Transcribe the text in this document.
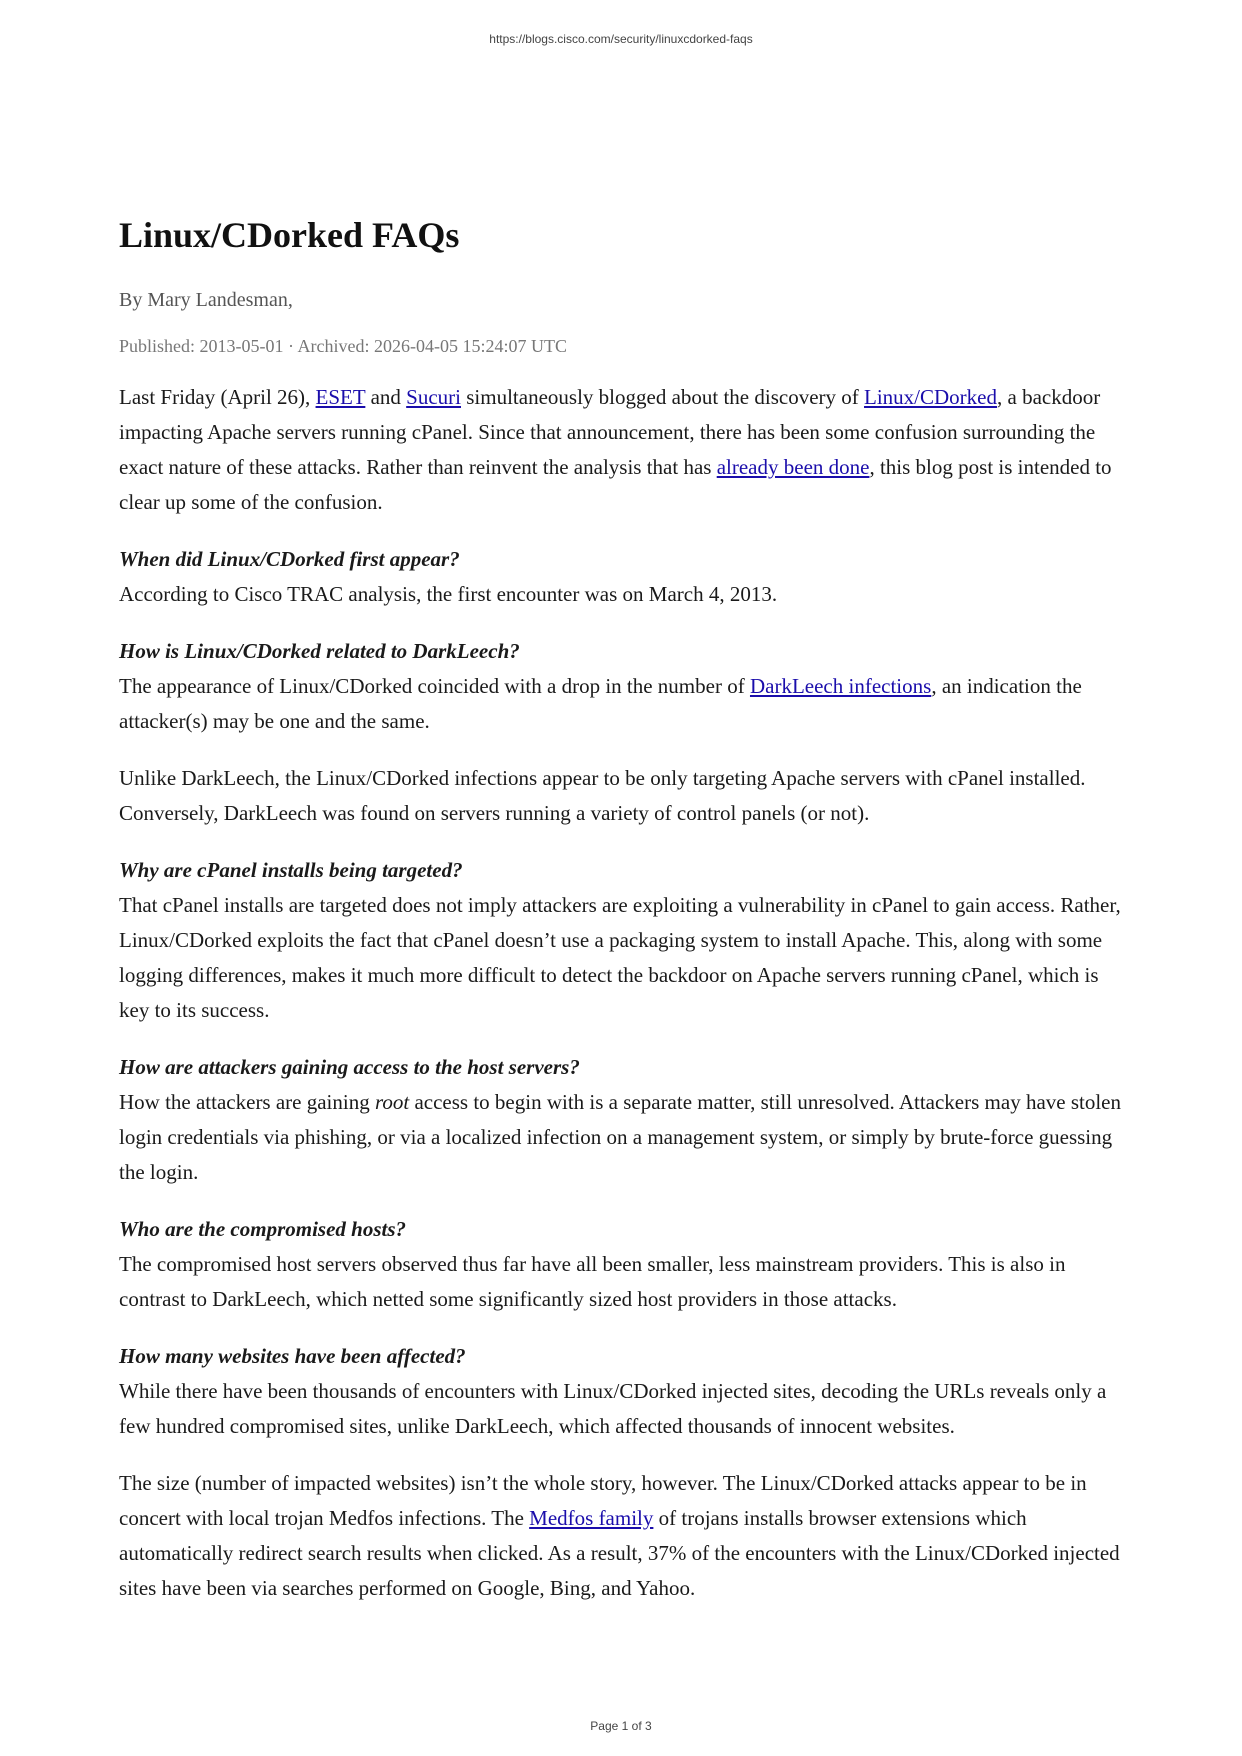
https://blogs.cisco.com/security/linuxcdorked-faqs
Linux/CDorked FAQs
By Mary Landesman,
Published: 2013-05-01 · Archived: 2026-04-05 15:24:07 UTC

Last Friday (April 26), ESET and Sucuri simultaneously blogged about the discovery of Linux/CDorked, a backdoor impacting Apache servers running cPanel. Since that announcement, there has been some confusion surrounding the exact nature of these attacks. Rather than reinvent the analysis that has already been done, this blog post is intended to clear up some of the confusion.

When did Linux/CDorked first appear?
According to Cisco TRAC analysis, the first encounter was on March 4, 2013.

How is Linux/CDorked related to DarkLeech?
The appearance of Linux/CDorked coincided with a drop in the number of DarkLeech infections, an indication the attacker(s) may be one and the same.

Unlike DarkLeech, the Linux/CDorked infections appear to be only targeting Apache servers with cPanel installed. Conversely, DarkLeech was found on servers running a variety of control panels (or not).

Why are cPanel installs being targeted?
That cPanel installs are targeted does not imply attackers are exploiting a vulnerability in cPanel to gain access. Rather, Linux/CDorked exploits the fact that cPanel doesn’t use a packaging system to install Apache. This, along with some logging differences, makes it much more difficult to detect the backdoor on Apache servers running cPanel, which is key to its success.

How are attackers gaining access to the host servers?
How the attackers are gaining root access to begin with is a separate matter, still unresolved. Attackers may have stolen login credentials via phishing, or via a localized infection on a management system, or simply by brute-force guessing the login.

Who are the compromised hosts?
The compromised host servers observed thus far have all been smaller, less mainstream providers. This is also in contrast to DarkLeech, which netted some significantly sized host providers in those attacks.

How many websites have been affected?
While there have been thousands of encounters with Linux/CDorked injected sites, decoding the URLs reveals only a few hundred compromised sites, unlike DarkLeech, which affected thousands of innocent websites.

The size (number of impacted websites) isn’t the whole story, however. The Linux/CDorked attacks appear to be in concert with local trojan Medfos infections. The Medfos family of trojans installs browser extensions which automatically redirect search results when clicked. As a result, 37% of the encounters with the Linux/CDorked injected sites have been via searches performed on Google, Bing, and Yahoo.

Page 1 of 3
